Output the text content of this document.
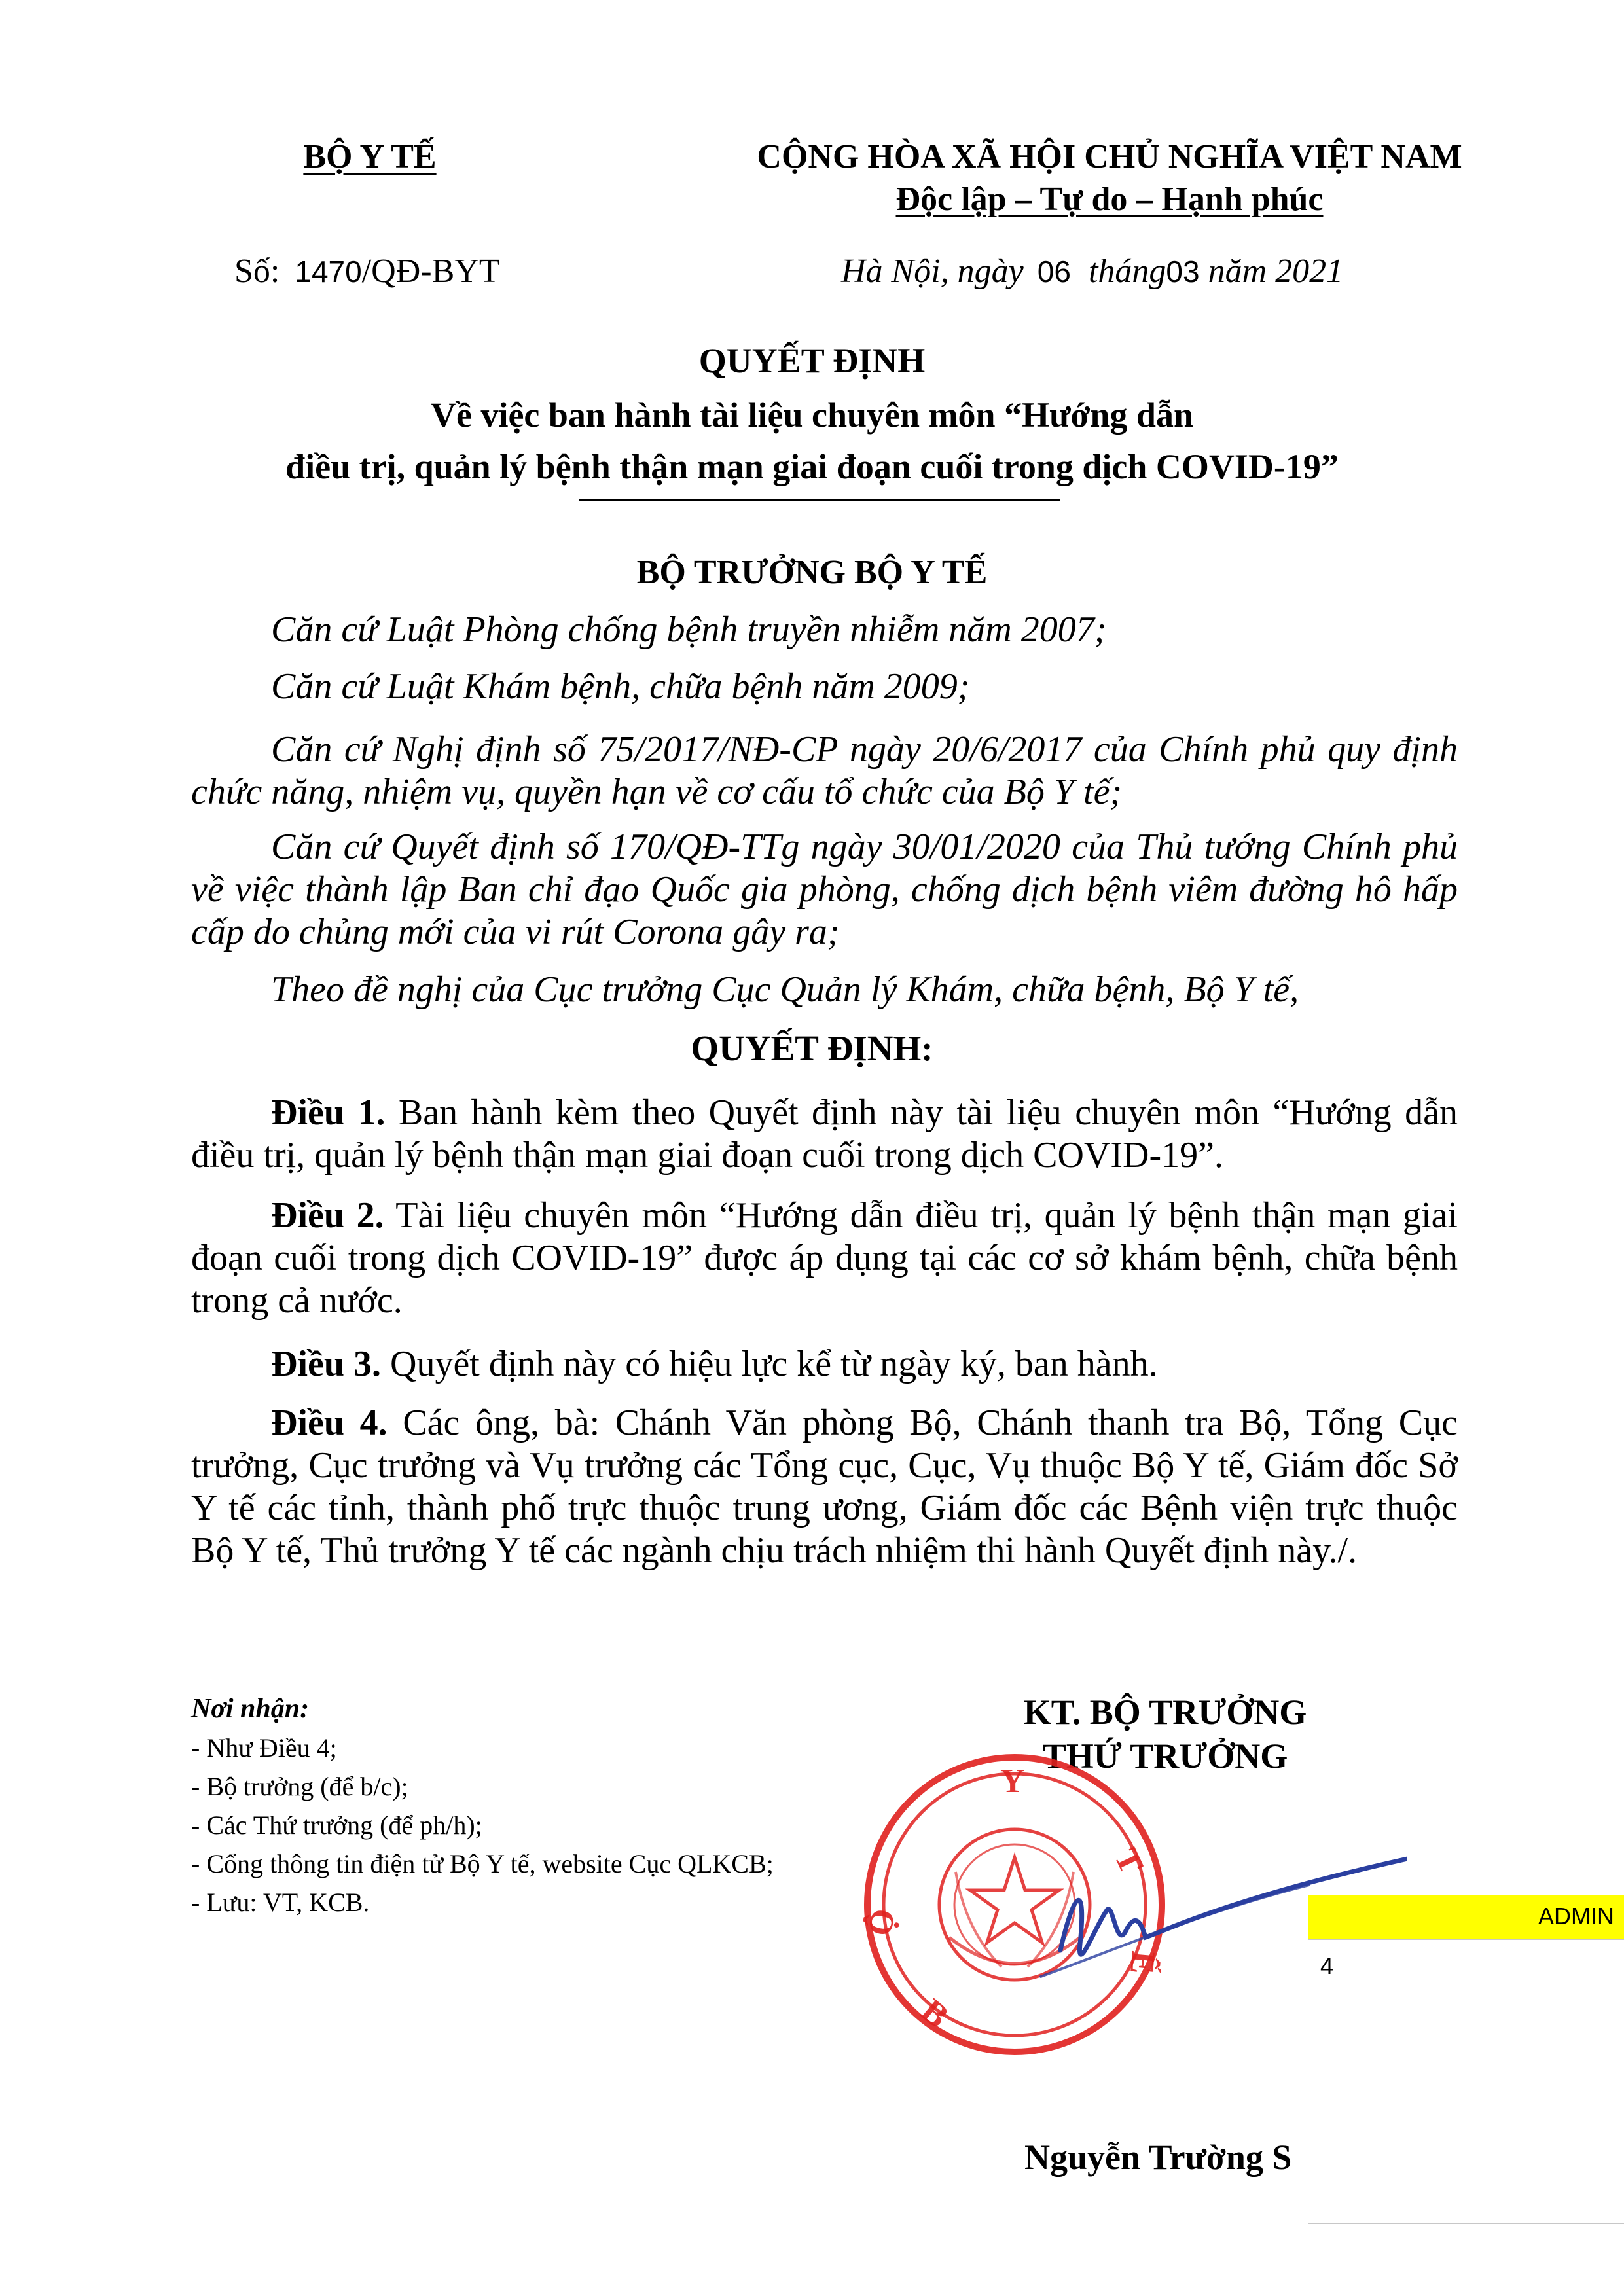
BỘ Y TẾ	CỘNG HÒA XÃ HỘI CHỦ NGHĨA VIỆT NAM
Độc lập – Tự do – Hạnh phúc
Số: 1470/QĐ-BYT	Hà Nội, ngày 06 tháng03 năm 2021
QUYẾT ĐỊNH
Về việc ban hành tài liệu chuyên môn “Hướng dẫn
điều trị, quản lý bệnh thận mạn giai đoạn cuối trong dịch COVID-19”
BỘ TRƯỞNG BỘ Y TẾ
Căn cứ Luật Phòng chống bệnh truyền nhiễm năm 2007;
Căn cứ Luật Khám bệnh, chữa bệnh năm 2009;
Căn cứ Nghị định số 75/2017/NĐ-CP ngày 20/6/2017 của Chính phủ quy định chức năng, nhiệm vụ, quyền hạn về cơ cấu tổ chức của Bộ Y tế;
Căn cứ Quyết định số 170/QĐ-TTg ngày 30/01/2020 của Thủ tướng Chính phủ về việc thành lập Ban chỉ đạo Quốc gia phòng, chống dịch bệnh viêm đường hô hấp cấp do chủng mới của vi rút Corona gây ra;
Theo đề nghị của Cục trưởng Cục Quản lý Khám, chữa bệnh, Bộ Y tế,
QUYẾT ĐỊNH:
Điều 1. Ban hành kèm theo Quyết định này tài liệu chuyên môn “Hướng dẫn điều trị, quản lý bệnh thận mạn giai đoạn cuối trong dịch COVID-19”.
Điều 2. Tài liệu chuyên môn “Hướng dẫn điều trị, quản lý bệnh thận mạn giai đoạn cuối trong dịch COVID-19” được áp dụng tại các cơ sở khám bệnh, chữa bệnh trong cả nước.
Điều 3. Quyết định này có hiệu lực kể từ ngày ký, ban hành.
Điều 4. Các ông, bà: Chánh Văn phòng Bộ, Chánh thanh tra Bộ, Tổng Cục trưởng, Cục trưởng và Vụ trưởng các Tổng cục, Cục, Vụ thuộc Bộ Y tế, Giám đốc Sở Y tế các tỉnh, thành phố trực thuộc trung ương, Giám đốc các Bệnh viện trực thuộc Bộ Y tế, Thủ trưởng Y tế các ngành chịu trách nhiệm thi hành Quyết định này./.
Nơi nhận:
- Như Điều 4;
- Bộ trưởng (để b/c);
- Các Thứ trưởng (để ph/h);
- Cổng thông tin điện tử Bộ Y tế, website Cục QLKCB;
- Lưu: VT, KCB.
KT. BỘ TRƯỞNG
THỨ TRƯỞNG
B
Ộ
Y
T
Ế
Nguyễn Trường S
ADMIN
4
